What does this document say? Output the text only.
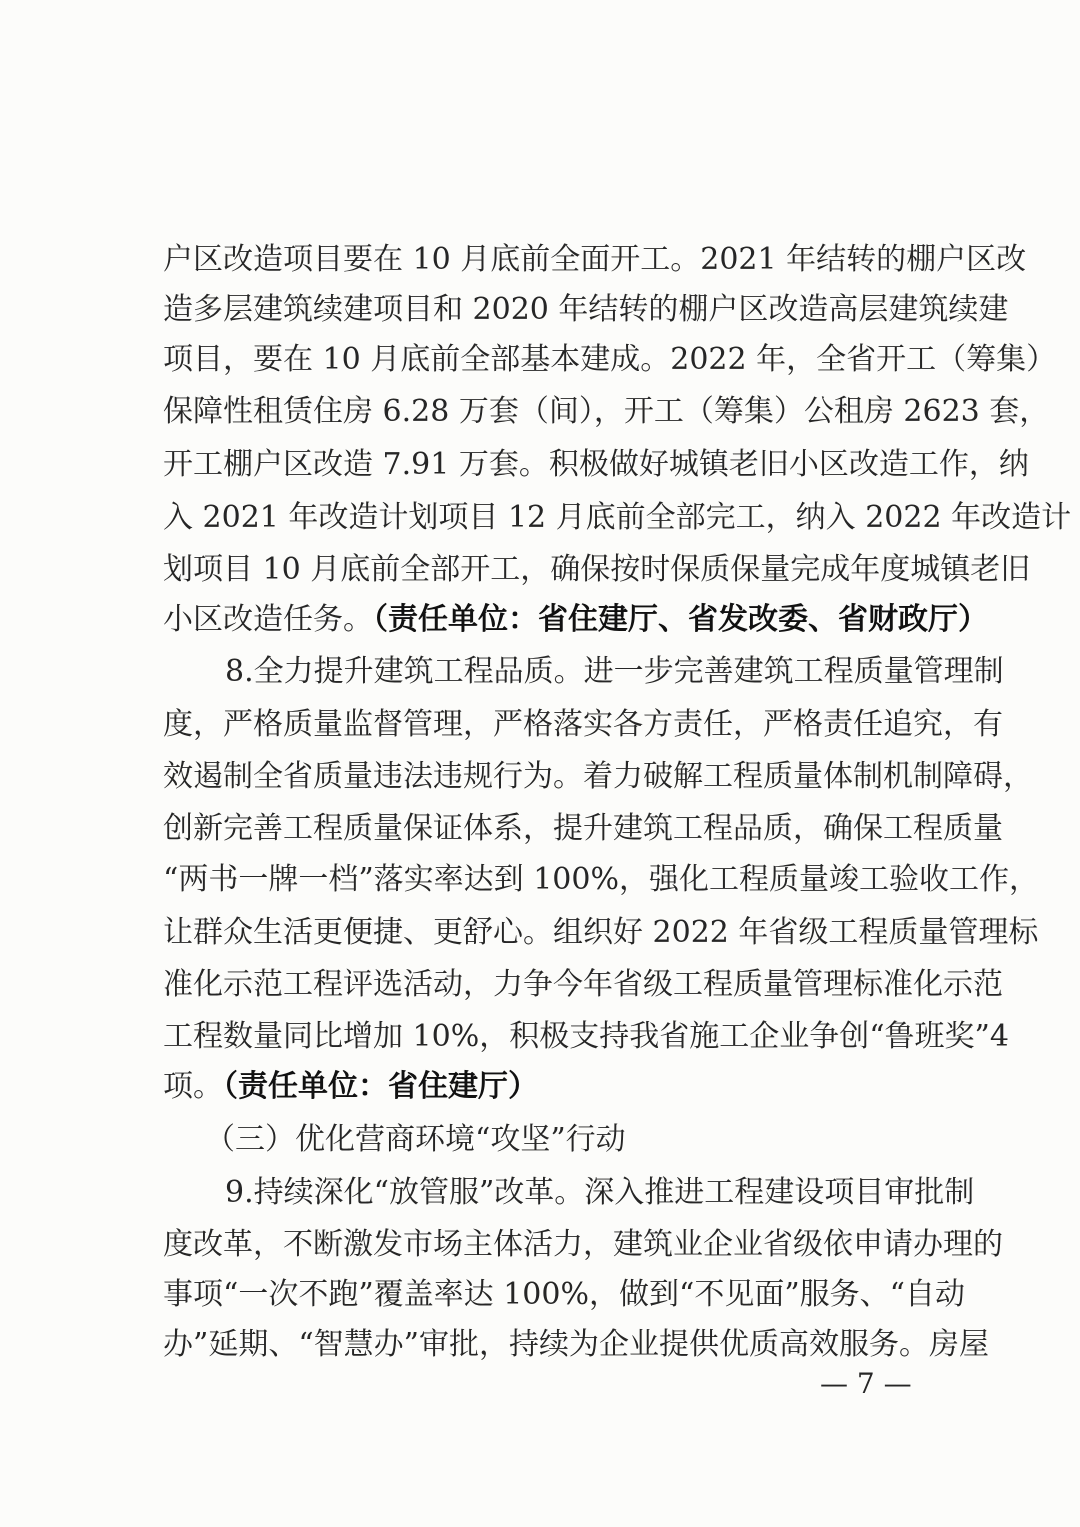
户区改造项目要在 10 月底前全面开工。2021 年结转的棚户区改
造多层建筑续建项目和 2020 年结转的棚户区改造高层建筑续建
项目，要在 10 月底前全部基本建成。2022 年，全省开工（筹集）
保障性租赁住房 6.28 万套（间），开工（筹集）公租房 2623 套，
开工棚户区改造 7.91 万套。积极做好城镇老旧小区改造工作，纳
入 2021 年改造计划项目 12 月底前全部完工，纳入 2022 年改造计
划项目 10 月底前全部开工，确保按时保质保量完成年度城镇老旧
小区改造任务。（责任单位：省住建厅、省发改委、省财政厅）
8.全力提升建筑工程品质。进一步完善建筑工程质量管理制
度，严格质量监督管理，严格落实各方责任，严格责任追究，有
效遏制全省质量违法违规行为。着力破解工程质量体制机制障碍，
创新完善工程质量保证体系，提升建筑工程品质，确保工程质量
“两书一牌一档”落实率达到 100%，强化工程质量竣工验收工作，
让群众生活更便捷、更舒心。组织好 2022 年省级工程质量管理标
准化示范工程评选活动，力争今年省级工程质量管理标准化示范
工程数量同比增加 10%，积极支持我省施工企业争创“鲁班奖”4
项。（责任单位：省住建厅）
（三）优化营商环境“攻坚”行动
9.持续深化“放管服”改革。深入推进工程建设项目审批制
度改革，不断激发市场主体活力，建筑业企业省级依申请办理的
事项“一次不跑”覆盖率达 100%，做到“不见面”服务、“自动
办”延期、“智慧办”审批，持续为企业提供优质高效服务。房屋
— 7 —
